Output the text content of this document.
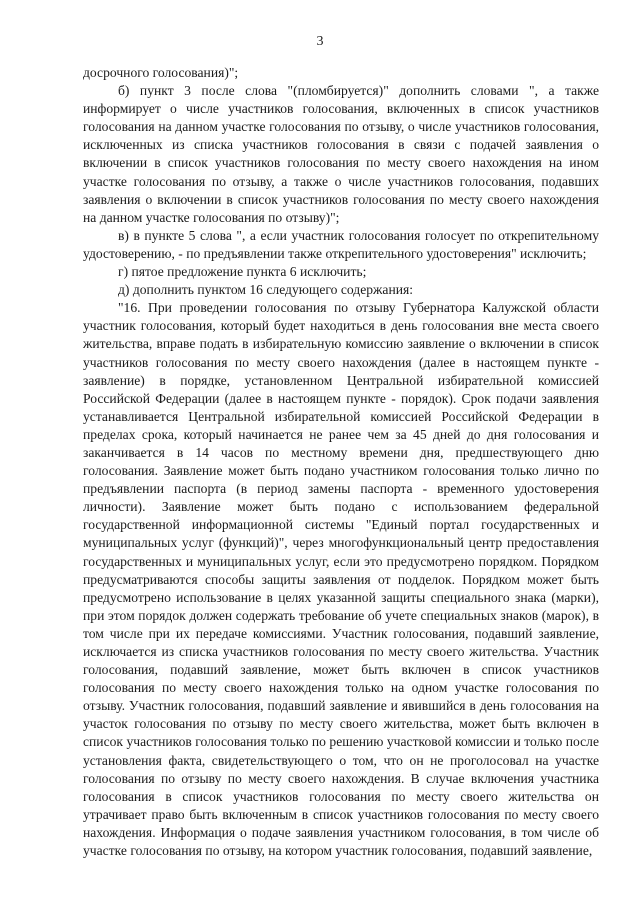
3

досрочного голосования)";

б) пункт 3 после слова "(пломбируется)" дополнить словами ", а также информирует о числе участников голосования, включенных в список участников голосования на данном участке голосования по отзыву, о числе участников голосования, исключенных из списка участников голосования в связи с подачей заявления о включении в список участников голосования по месту своего нахождения на ином участке голосования по отзыву, а также о числе участников голосования, подавших заявления о включении в список участников голосования по месту своего нахождения на данном участке голосования по отзыву)";

в) в пункте 5 слова ", а если участник голосования голосует по открепительному удостоверению, - по предъявлении также открепительного удостоверения" исключить;

г) пятое предложение пункта 6 исключить;

д) дополнить пунктом 16 следующего содержания:

"16. При проведении голосования по отзыву Губернатора Калужской области участник голосования, который будет находиться в день голосования вне места своего жительства, вправе подать в избирательную комиссию заявление о включении в список участников голосования по месту своего нахождения (далее в настоящем пункте - заявление) в порядке, установленном Центральной избирательной комиссией Российской Федерации (далее в настоящем пункте - порядок). Срок подачи заявления устанавливается Центральной избирательной комиссией Российской Федерации в пределах срока, который начинается не ранее чем за 45 дней до дня голосования и заканчивается в 14 часов по местному времени дня, предшествующего дню голосования. Заявление может быть подано участником голосования только лично по предъявлении паспорта (в период замены паспорта - временного удостоверения личности). Заявление может быть подано с использованием федеральной государственной информационной системы "Единый портал государственных и муниципальных услуг (функций)", через многофункциональный центр предоставления государственных и муниципальных услуг, если это предусмотрено порядком. Порядком предусматриваются способы защиты заявления от подделок. Порядком может быть предусмотрено использование в целях указанной защиты специального знака (марки), при этом порядок должен содержать требование об учете специальных знаков (марок), в том числе при их передаче комиссиями. Участник голосования, подавший заявление, исключается из списка участников голосования по месту своего жительства. Участник голосования, подавший заявление, может быть включен в список участников голосования по месту своего нахождения только на одном участке голосования по отзыву. Участник голосования, подавший заявление и явившийся в день голосования на участок голосования по отзыву по месту своего жительства, может быть включен в список участников голосования только по решению участковой комиссии и только после установления факта, свидетельствующего о том, что он не проголосовал на участке голосования по отзыву по месту своего нахождения. В случае включения участника голосования в список участников голосования по месту своего жительства он утрачивает право быть включенным в список участников голосования по месту своего нахождения. Информация о подаче заявления участником голосования, в том числе об участке голосования по отзыву, на котором участник голосования, подавший заявление,
